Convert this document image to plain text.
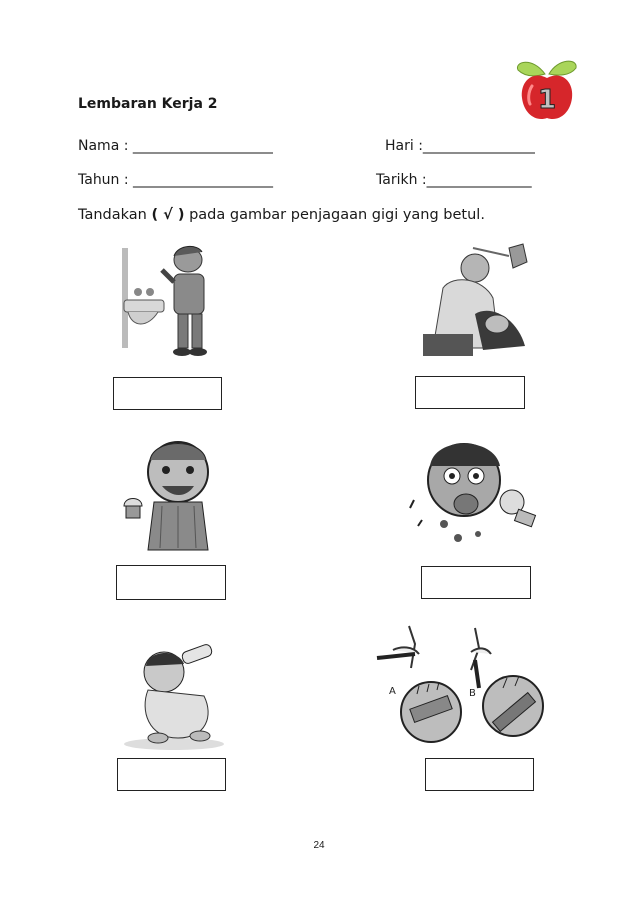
1
Lembaran Kerja 2
Nama : ____________________	Hari :________________
Tahun : ____________________	Tarikh :_______________
Tandakan ( √ ) pada gambar penjagaan gigi yang betul.
A	B
24
